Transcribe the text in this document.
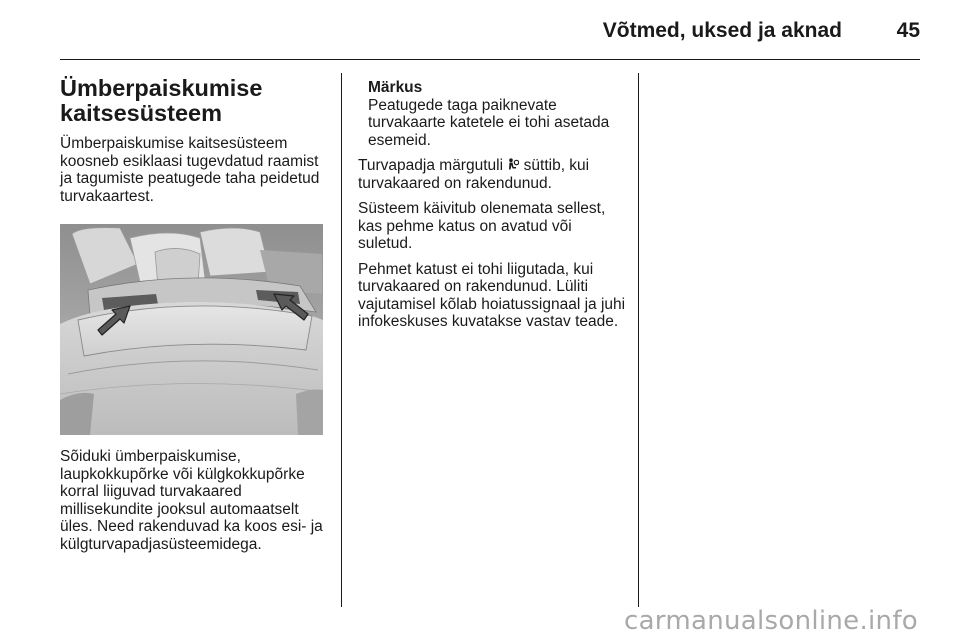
Võtmed, uksed ja aknad	45
Ümberpaiskumise kaitsesüsteem

Ümberpaiskumise kaitsesüsteem koosneb esiklaasi tugevdatud raamist ja tagumiste peatugede taha peidetud turvakaartest.

Sõiduki ümberpaiskumise, laupkokkupõrke või külgkokkupõrke korral liiguvad turvakaared millisekundite jooksul automaatselt üles. Need rakenduvad ka koos esi- ja külgturvapadjasüsteemidega.

Märkus

Peatugede taga paiknevate turvakaarte katetele ei tohi asetada esemeid.

Turvapadja märgutuli  süttib, kui turvakaared on rakendunud.

Süsteem käivitub olenemata sellest, kas pehme katus on avatud või suletud.

Pehmet katust ei tohi liigutada, kui turvakaared on rakendunud. Lüliti vajutamisel kõlab hoiatussignaal ja juhi infokeskuses kuvatakse vastav teade.

carmanualsonline.info
